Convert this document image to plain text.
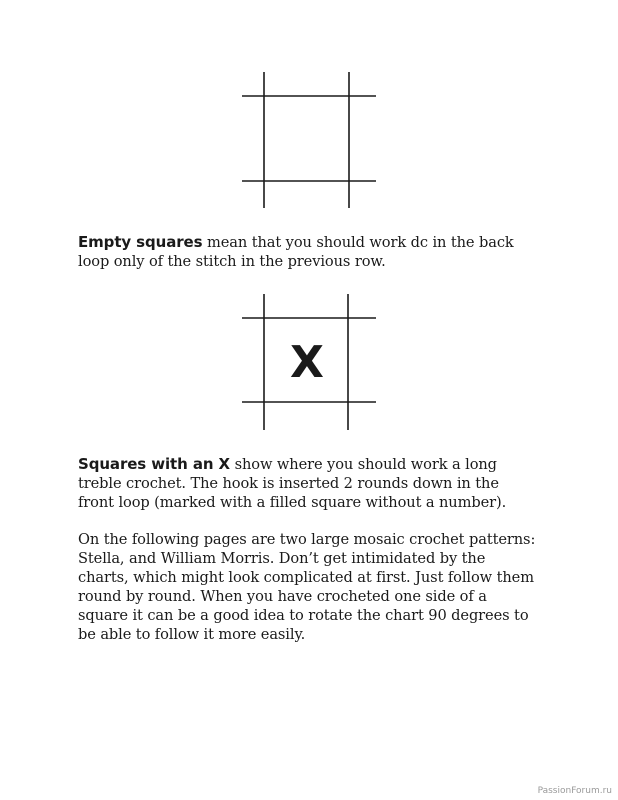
Empty squares mean that you should work dc in the back loop only of the stitch in the previous row.

X

Squares with an X show where you should work a long treble crochet. The hook is inserted 2 rounds down in the front loop (marked with a filled square without a number).

On the following pages are two large mosaic crochet patterns: Stella, and William Morris. Don’t get intimidated by the charts, which might look complicated at first. Just follow them round by round. When you have crocheted one side of a square it can be a good idea to rotate the chart 90 degrees to be able to follow it more easily.

PassionForum.ru
